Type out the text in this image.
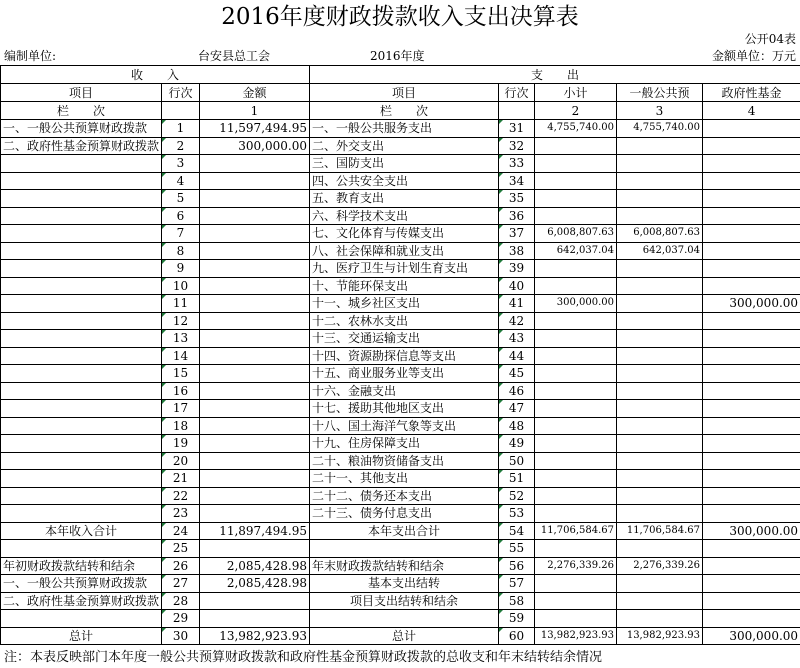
2016年度财政拨款收入支出决算表
公开04表
编制单位:	台安县总工会	2016年度	金额单位：万元
收　　入			支　　出				
项目	行次	金额	项目	行次	小计	一般公共预	政府性基金
栏　　次		1	栏　　次		2	3	4
一、一般公共预算财政拨款	1	11,597,494.95	一、一般公共服务支出	31	4,755,740.00	4,755,740.00	
二、政府性基金预算财政拨款	2	300,000.00	二、外交支出	32			
	3		三、国防支出	33			
	4		四、公共安全支出	34			
	5		五、教育支出	35			
	6		六、科学技术支出	36			
	7		七、文化体育与传媒支出	37	6,008,807.63	6,008,807.63	
	8		八、社会保障和就业支出	38	642,037.04	642,037.04	
	9		九、医疗卫生与计划生育支出	39			
	10		十、节能环保支出	40			
	11		十一、城乡社区支出	41	300,000.00		300,000.00
	12		十二、农林水支出	42			
	13		十三、交通运输支出	43			
	14		十四、资源勘探信息等支出	44			
	15		十五、商业服务业等支出	45			
	16		十六、金融支出	46			
	17		十七、援助其他地区支出	47			
	18		十八、国土海洋气象等支出	48			
	19		十九、住房保障支出	49			
	20		二十、粮油物资储备支出	50			
	21		二十一、其他支出	51			
	22		二十二、债务还本支出	52			
	23		二十三、债务付息支出	53			
本年收入合计	24	11,897,494.95	本年支出合计	54	11,706,584.67	11,706,584.67	300,000.00
	25			55			
年初财政拨款结转和结余	26	2,085,428.98	年末财政拨款结转和结余	56	2,276,339.26	2,276,339.26	
一、一般公共预算财政拨款	27	2,085,428.98	基本支出结转	57			
二、政府性基金预算财政拨款	28		项目支出结转和结余	58			
	29			59			
总计	30	13,982,923.93	总计	60	13,982,923.93	13,982,923.93	300,000.00
注：本表反映部门本年度一般公共预算财政拨款和政府性基金预算财政拨款的总收支和年末结转结余情况
